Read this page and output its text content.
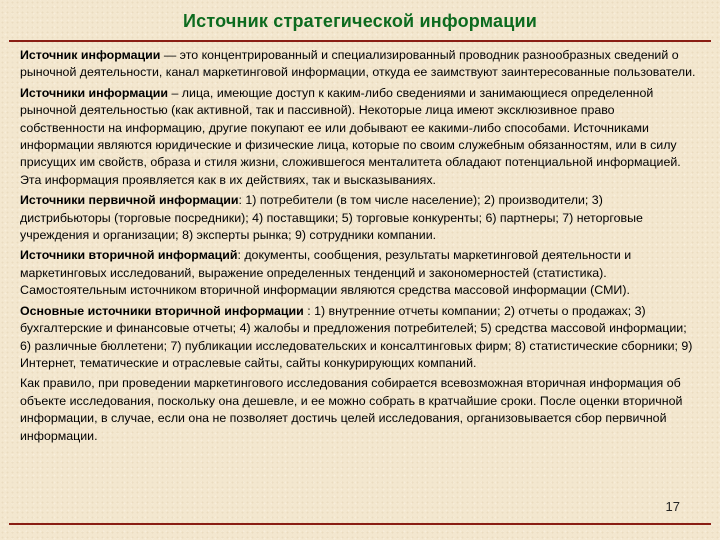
Источник стратегической информации

Источник информации — это концентрированный и специализированный проводник разнообразных сведений о рыночной деятельности, канал маркетинговой информации, откуда ее заимствуют заинтересованные пользователи.

Источники информации – лица, имеющие доступ к каким-либо сведениями и занимающиеся определенной рыночной деятельностью (как активной, так и пассивной). Некоторые лица имеют эксклюзивное право собственности на информацию, другие покупают ее или добывают ее какими-либо способами. Источниками информации являются юридические и физические лица, которые по своим служебным обязанностям, или в силу присущих им свойств, образа и стиля жизни, сложившегося менталитета обладают потенциальной информацией. Эта информация проявляется как в их действиях, так и высказываниях.

Источники первичной информации: 1) потребители (в том числе население); 2) производители; 3) дистрибьюторы (торговые посредники); 4) поставщики; 5) торговые конкуренты; 6) партнеры; 7) неторговые учреждения и организации; 8) эксперты рынка; 9) сотрудники компании.

Источники вторичной информаций: документы, сообщения, результаты маркетинговой деятельности и маркетинговых исследований, выражение определенных тенденций и закономерностей (статистика). Самостоятельным источником вторичной информации являются средства массовой информации (СМИ).

Основные источники вторичной информации : 1) внутренние отчеты компании; 2) отчеты о продажах; 3) бухгалтерские и финансовые отчеты; 4) жалобы и предложения потребителей; 5) средства массовой информации; 6) различные бюллетени; 7) публикации исследовательских и консалтинговых фирм; 8) статистические сборники; 9) Интернет, тематические и отраслевые сайты, сайты конкурирующих компаний.

Как правило, при проведении маркетингового исследования собирается всевозможная вторичная информация об объекте исследования, поскольку она дешевле, и ее можно собрать в кратчайшие сроки. После оценки вторичной информации, в случае, если она не позволяет достичь целей исследования, организовывается сбор первичной информации.

17
